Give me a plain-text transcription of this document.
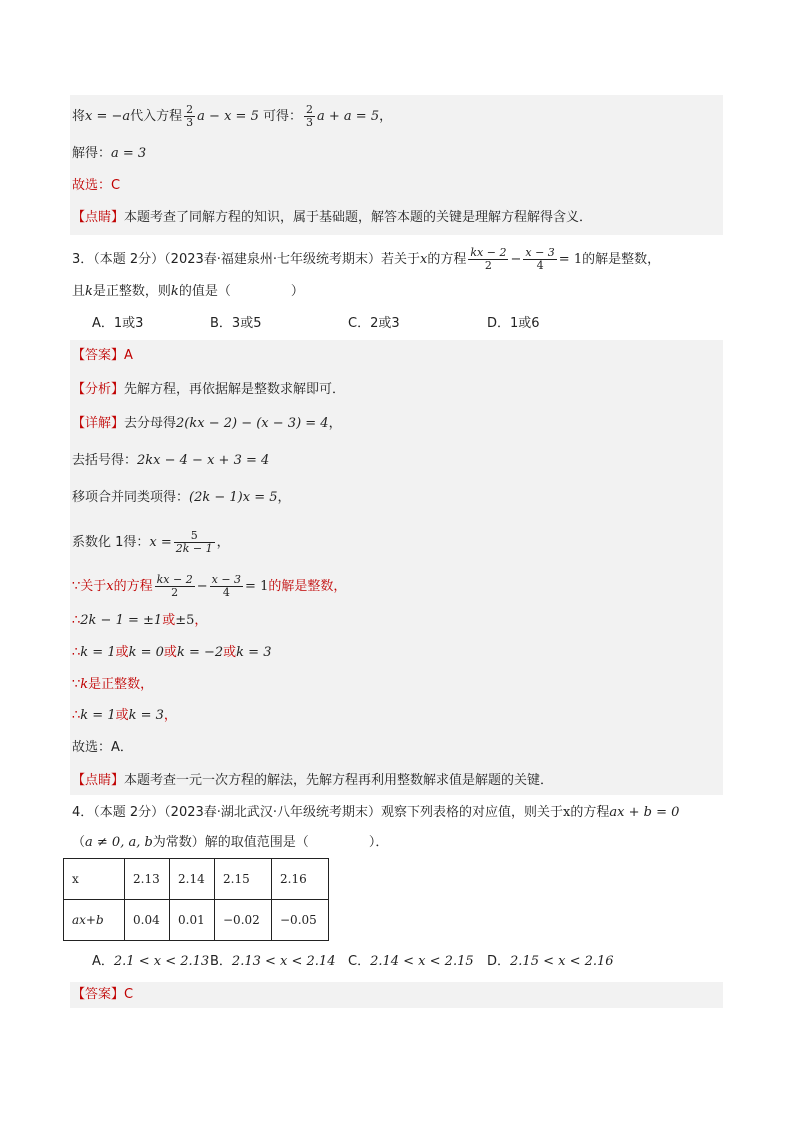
将x = −a代入方程 $\frac{2}{3}$ a − x = 5 可得： $\frac{2}{3}$ a + a = 5，
解得：a = 3
故选：C
【点睛】本题考查了同解方程的知识，属于基础题，解答本题的关键是理解方程解得含义．
3．（本题 2分）（2023春·福建泉州·七年级统考期末）若关于x的方程 $\frac{kx - 2}{2} - \frac{x - 3}{4} = 1$的解是整数，
且k是正整数，则k的值是（	）
A．1或3	B．3或5	C．2或3	D．1或6
【答案】A
【分析】先解方程，再依据解是整数求解即可．
【详解】去分母得2(kx − 2) − (x − 3) = 4，
去括号得：2kx − 4 − x + 3 = 4
移项合并同类项得：(2k − 1)x = 5，
系数化 1得：$x = \frac{5}{2k - 1}$ ，
∵关于x的方程 $\frac{kx - 2}{2} - \frac{x - 3}{4} = 1$的解是整数，
∴2k − 1 = ±1或±5，
∴k = 1或k = 0或k = −2或k = 3
∵k是正整数，
∴k = 1或k = 3，
故选：A．
【点睛】本题考查一元一次方程的解法，先解方程再利用整数解求值是解题的关键．
4．（本题 2分）（2023春·湖北武汉·八年级统考期末）观察下列表格的对应值，则关于x的方程ax + b = 0
（a ≠ 0, a, b为常数）解的取值范围是（	）．
x	2.13	2.14	2.15	2.16
ax+b	0.04	0.01	−0.02	−0.05
A．2.1 < x < 2.13 B．2.13 < x < 2.14 C．2.14 < x < 2.15 D．2.15 < x < 2.16
【答案】C
